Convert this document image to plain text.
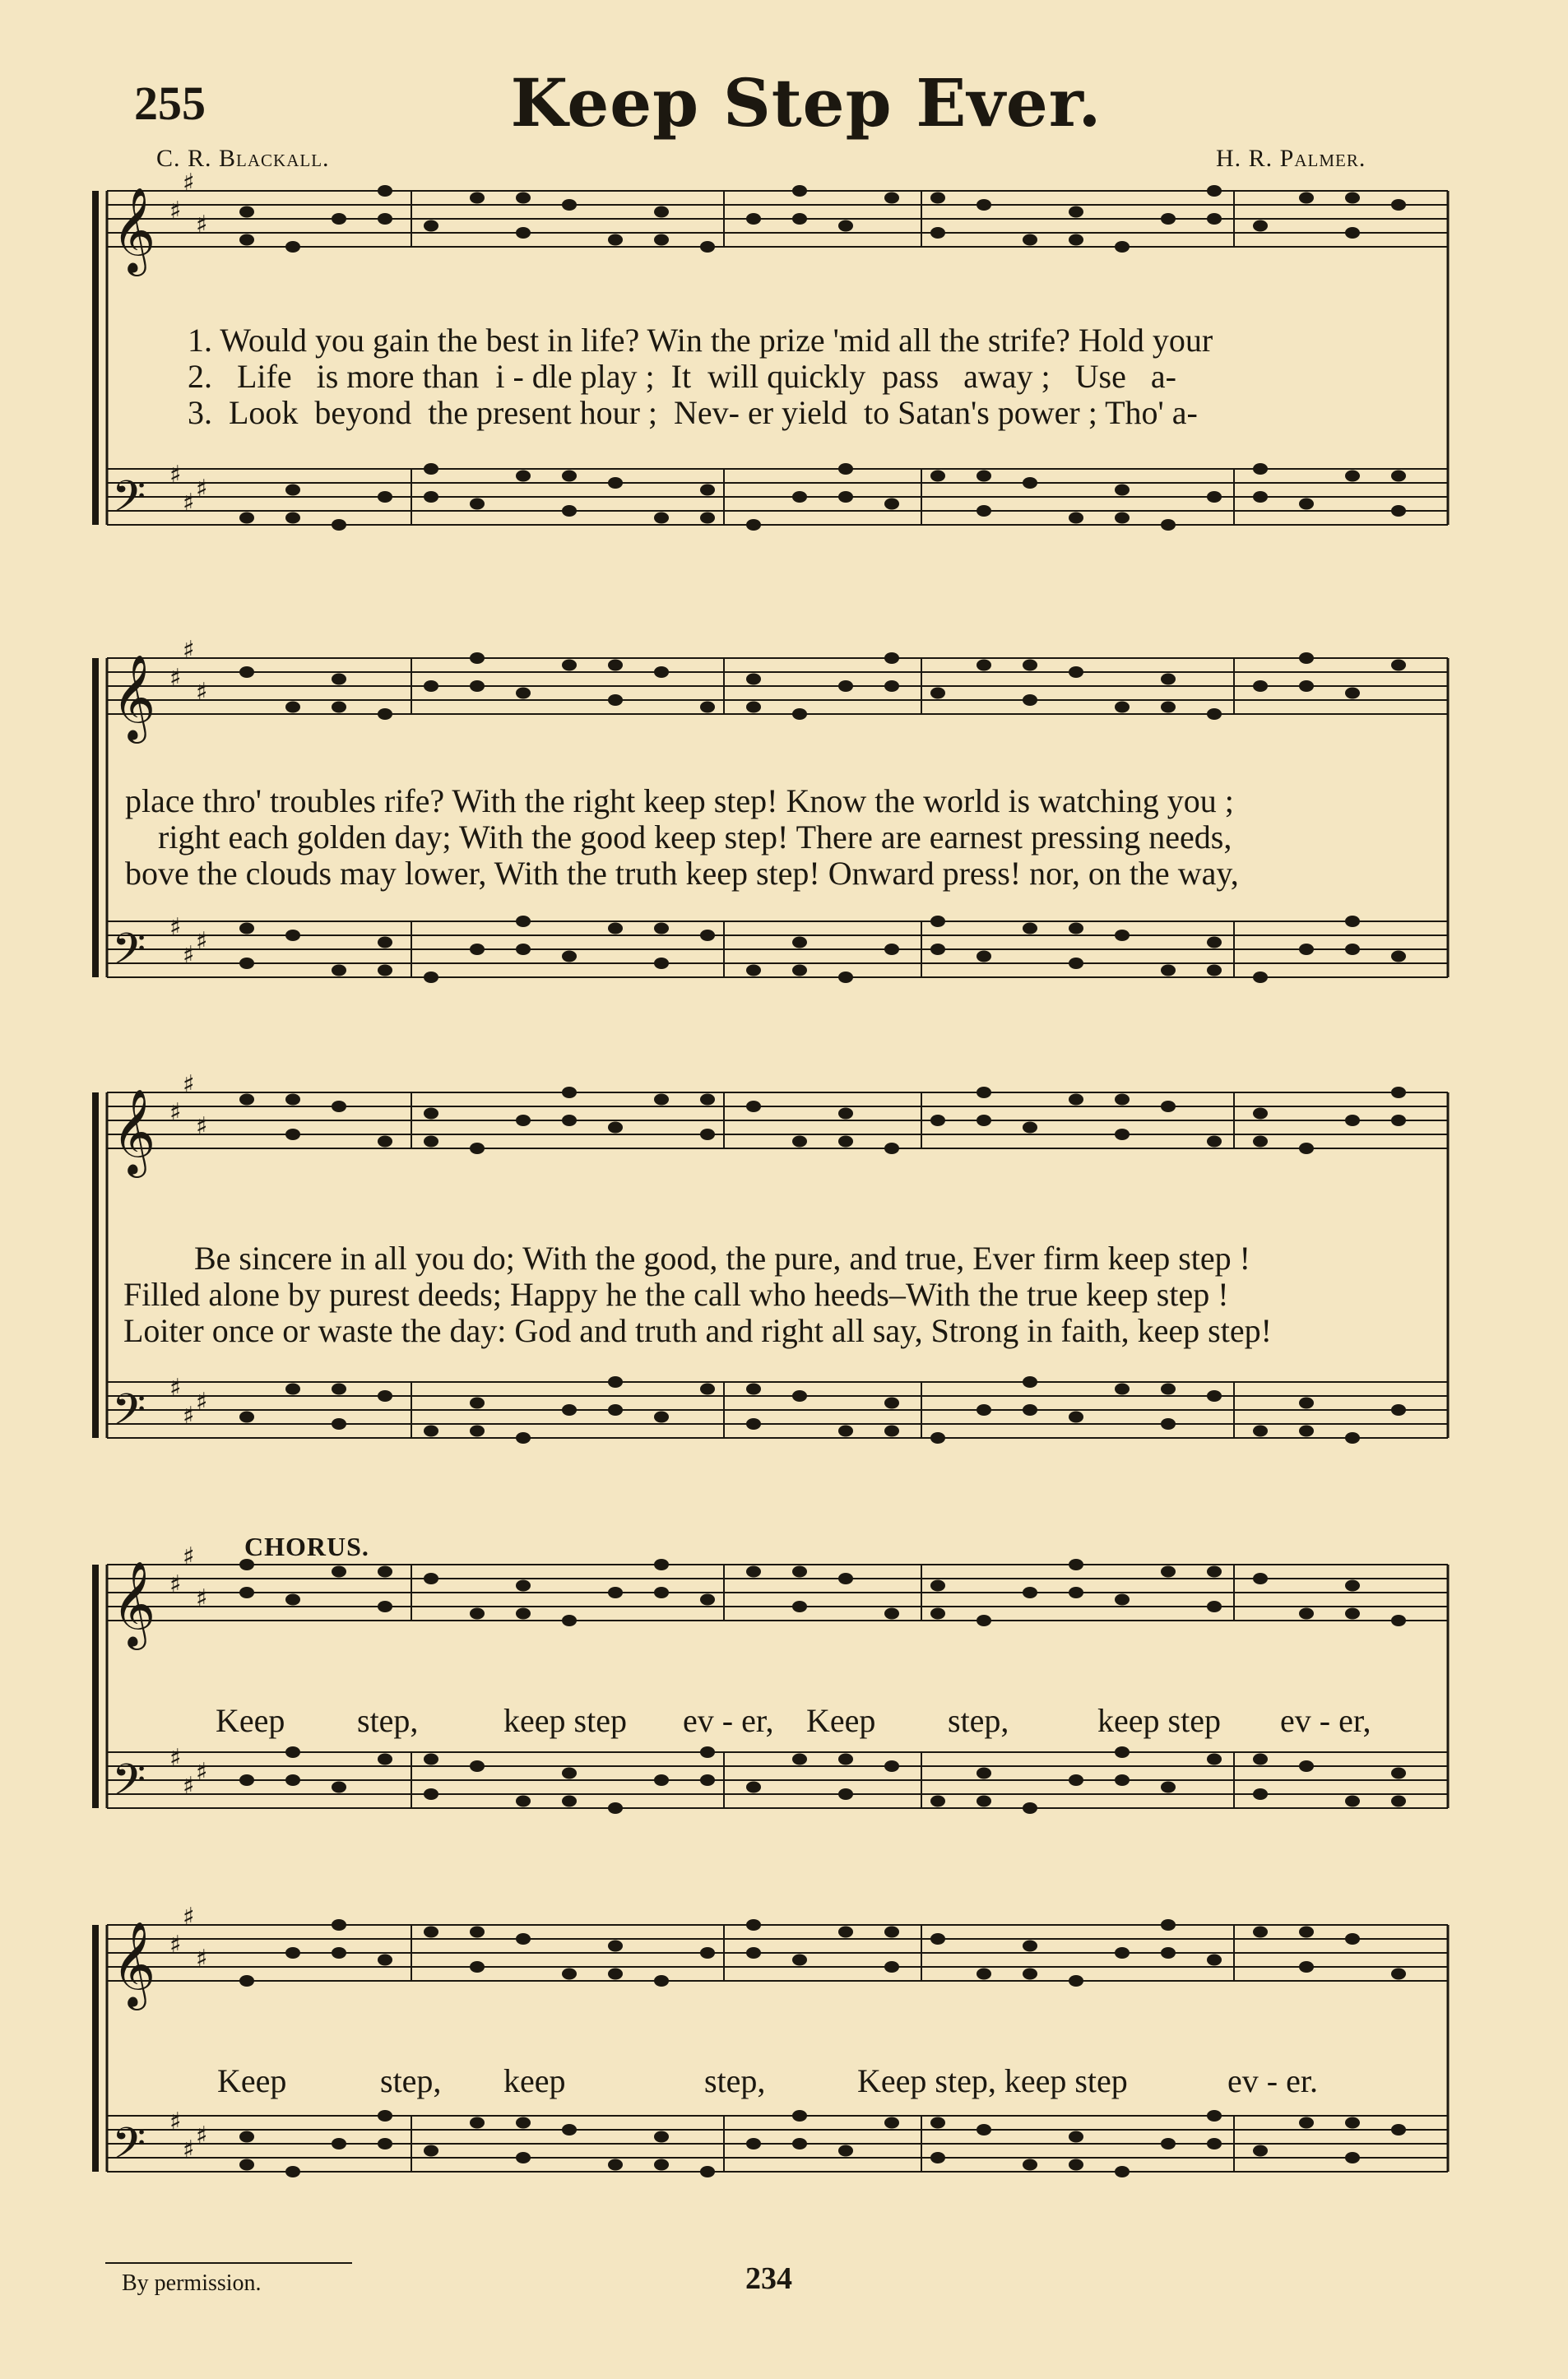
255	Keep Step Ever.
C. R. Blackall.	H. R. Palmer.
𝄞 ♯
♯
♯
𝄢 ♯
♯ ♯
𝄞 ♯
♯
♯
𝄢 ♯
♯ ♯
𝄞 ♯
♯
♯
𝄢 ♯
♯ ♯
𝄞 ♯
♯
♯
𝄢 ♯
♯ ♯
𝄞 ♯
♯
♯
𝄢 ♯
♯ ♯

1. Would you gain the best in life? Win the prize 'mid all the strife? Hold your

2.   Life   is more than  i - dle play ;  It  will quickly  pass   away ;   Use   a-

3.  Look  beyond  the present hour ;  Nev- er yield  to Satan's power ; Tho' a-

place thro' troubles rife? With the right keep step! Know the world is watching you ;

right each golden day; With the good keep step! There are earnest pressing needs,

bove the clouds may lower, With the truth keep step! Onward press! nor, on the way,

Be sincere in all you do; With the good, the pure, and true, Ever firm keep step !

Filled alone by purest deeds; Happy he the call who heeds–With the true keep step !

Loiter once or waste the day: God and truth and right all say, Strong in faith, keep step!

CHORUS.
Keep step,	keep step ev - er, Keep step,	keep step ev - er,
Keep	step, keep	step,	Keep step, keep step	ev - er.
By permission.	234
